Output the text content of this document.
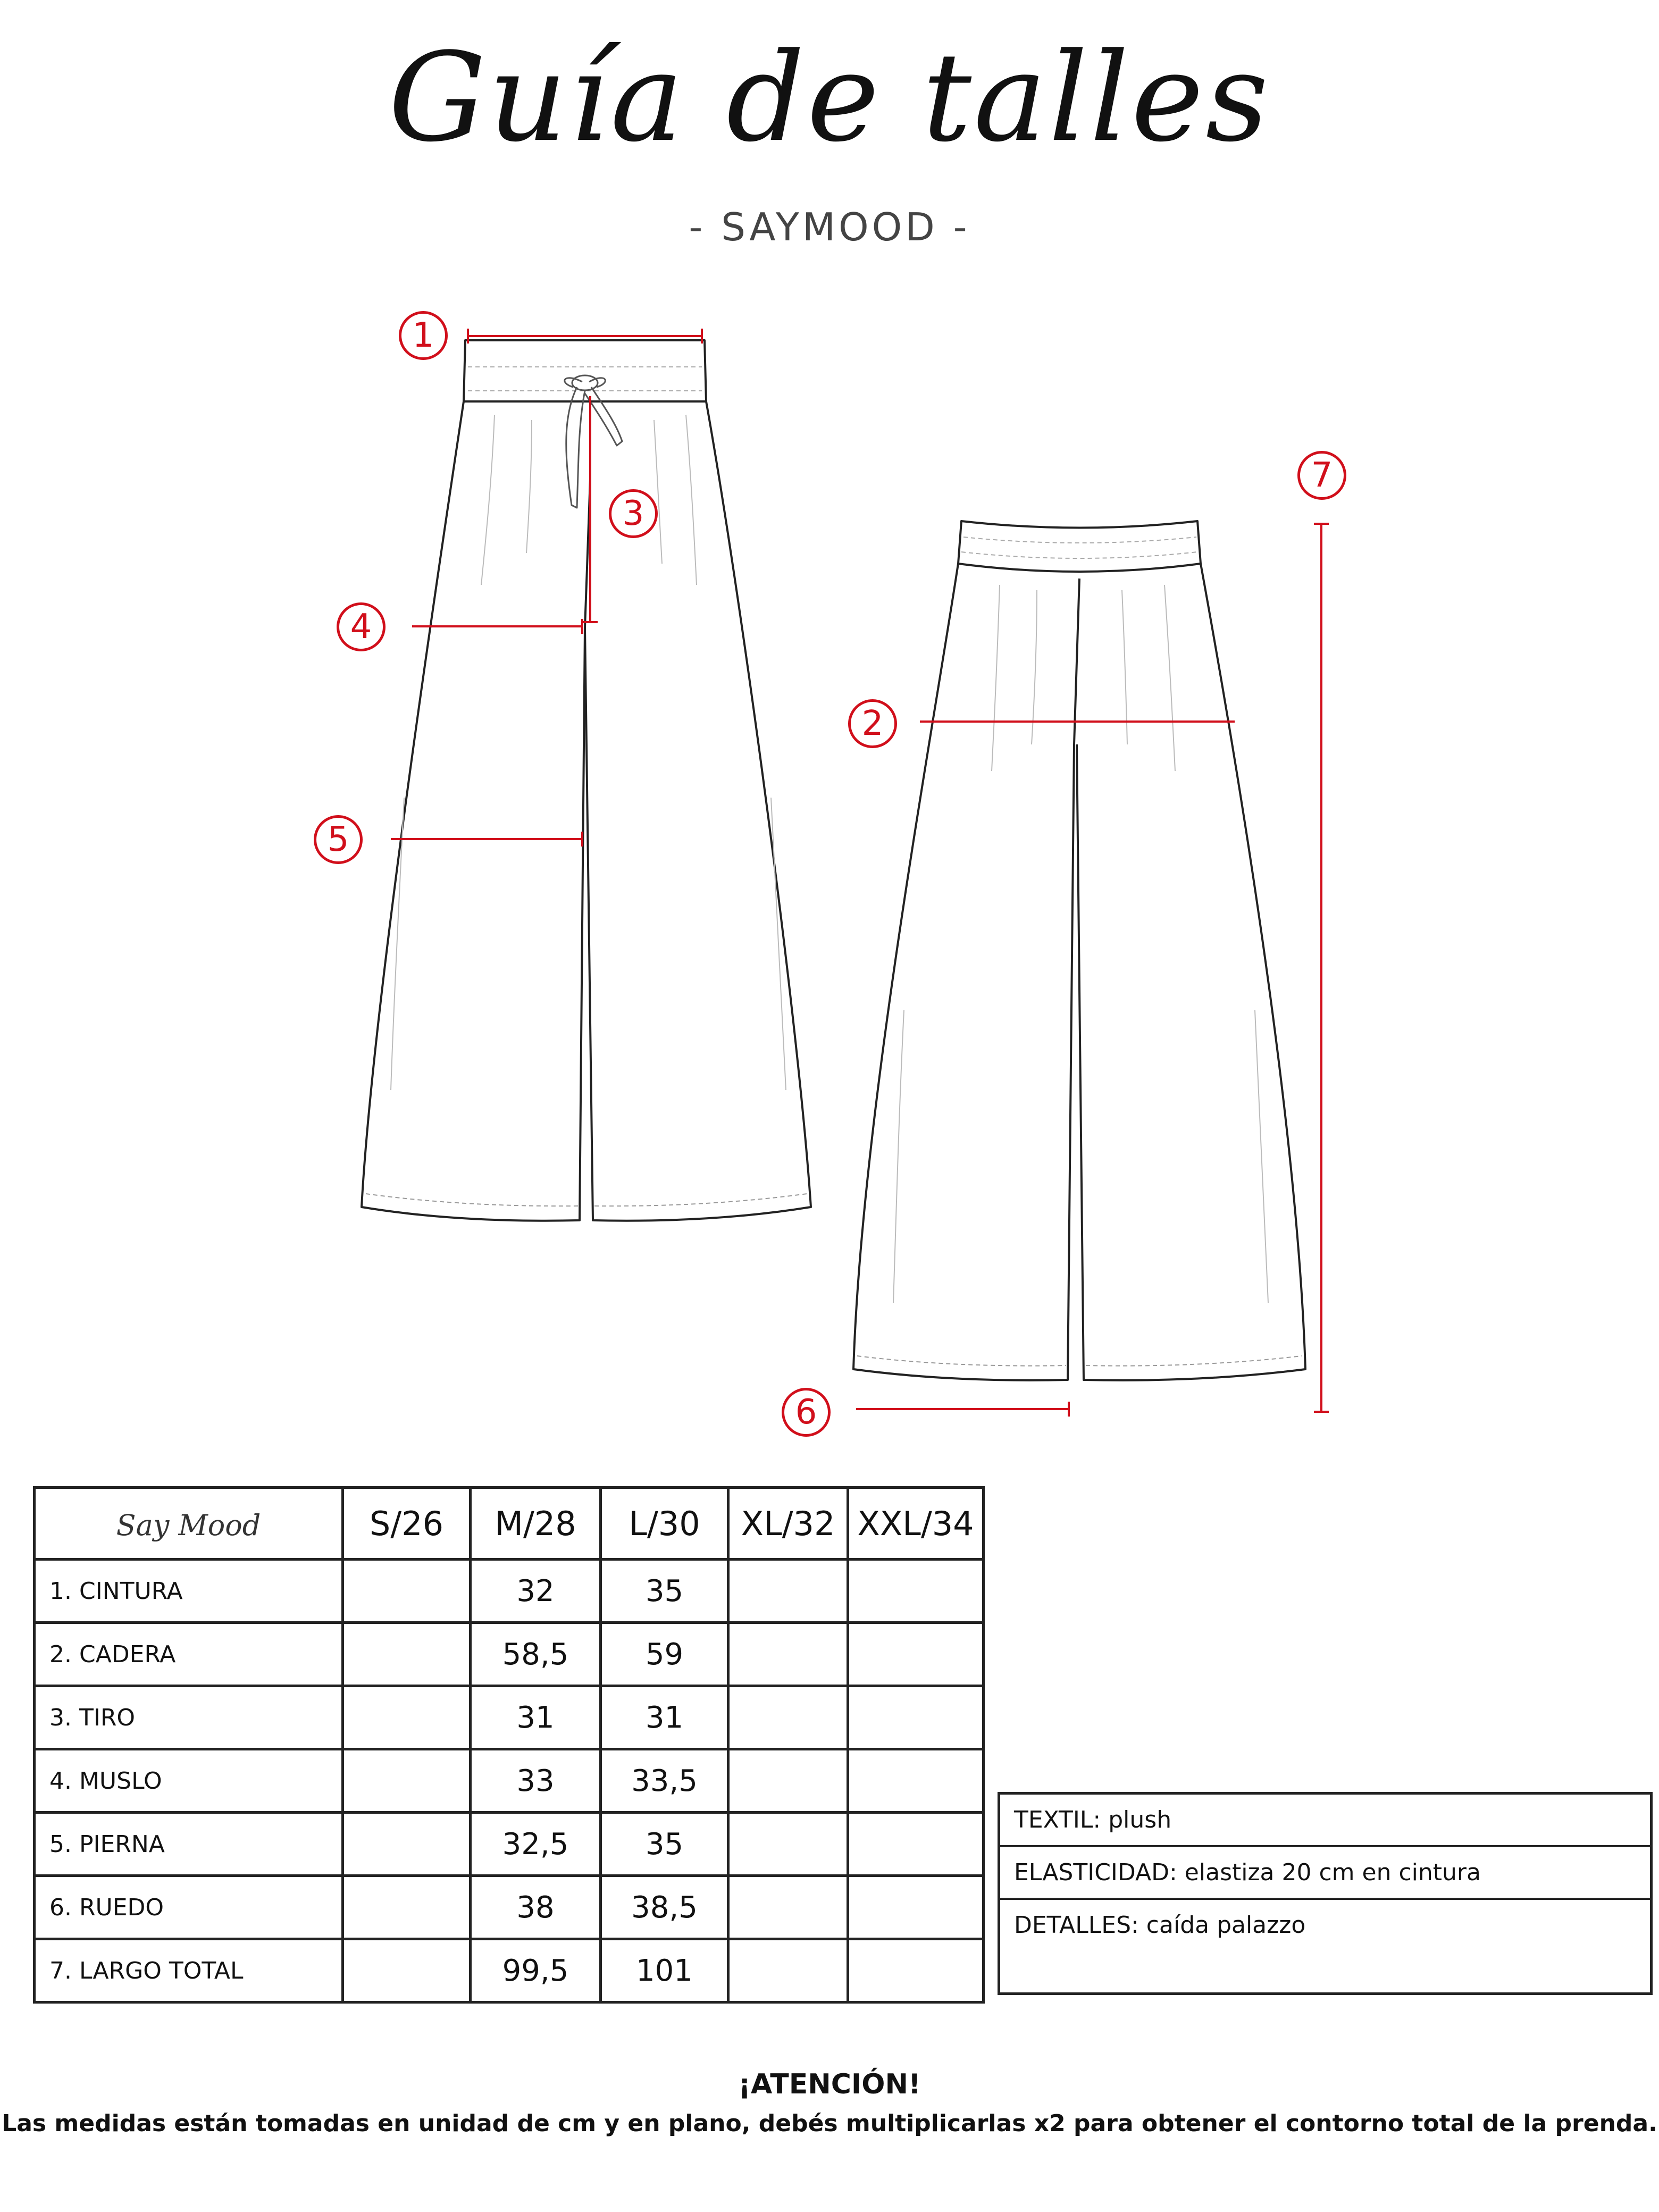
Guía de talles
- SAYMOOD -
1
2
3
4
5
6
7
Say Mood	S/26	M/28	L/30	XL/32	XXL/34
1. CINTURA		32	35		
2. CADERA		58,5	59		
3. TIRO		31	31		
4. MUSLO		33	33,5		
5. PIERNA		32,5	35		
6. RUEDO		38	38,5		
7. LARGO TOTAL		99,5	101		
TEXTIL: plush
ELASTICIDAD: elastiza 20 cm en cintura
DETALLES: caída palazzo
¡ATENCIÓN!
Las medidas están tomadas en unidad de cm y en plano, debés multiplicarlas x2 para obtener el contorno total de la prenda.
